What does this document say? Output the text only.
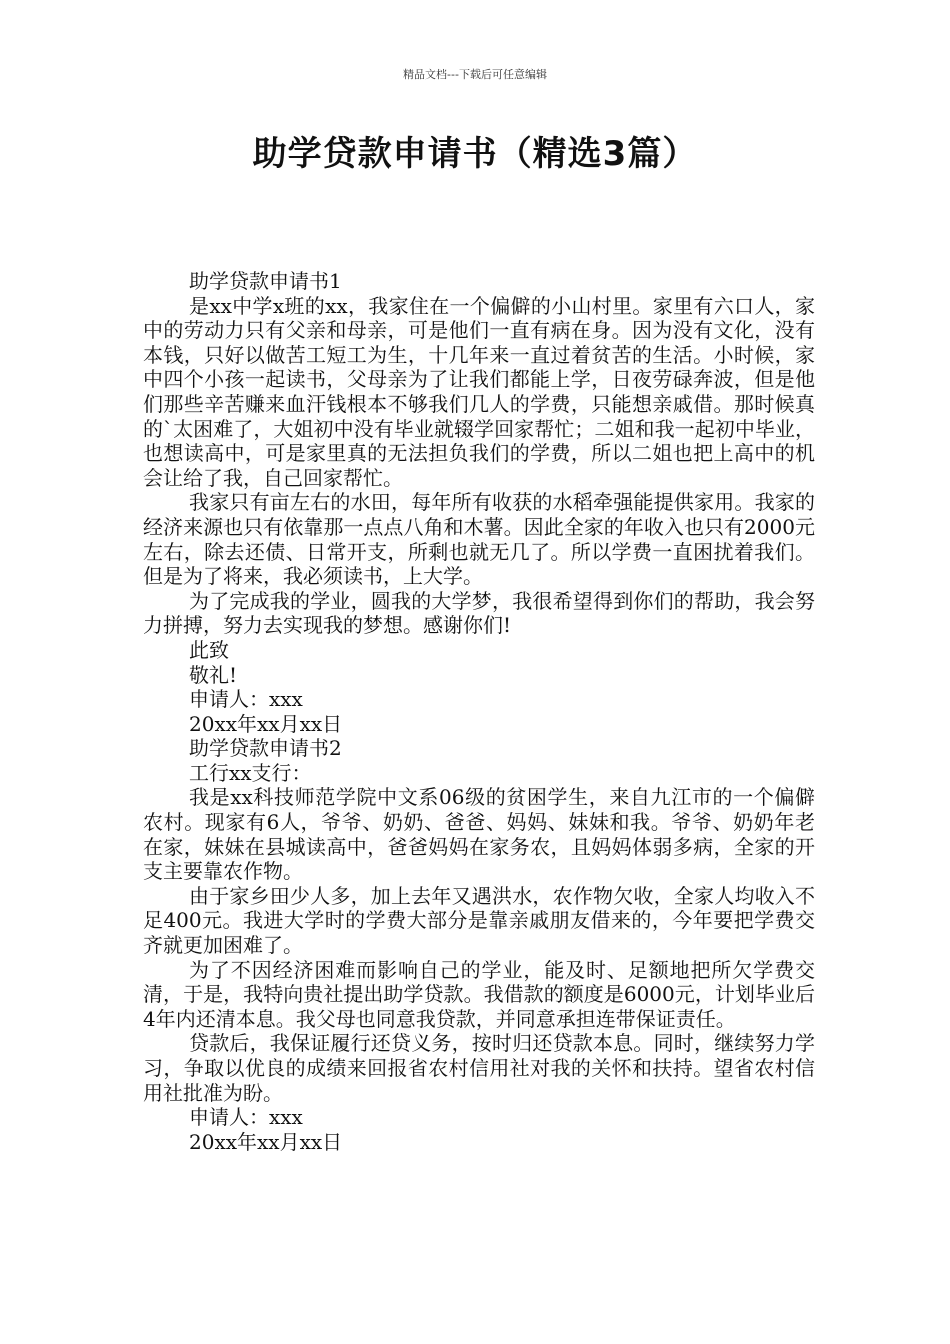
精品文档---下载后可任意编辑
助学贷款申请书（精选3篇）

助学贷款申请书1

是xx中学x班的xx，我家住在一个偏僻的小山村里。家里有六口人，家中的劳动力只有父亲和母亲，可是他们一直有病在身。因为没有文化，没有本钱，只好以做苦工短工为生，十几年来一直过着贫苦的生活。小时候，家中四个小孩一起读书，父母亲为了让我们都能上学，日夜劳碌奔波，但是他们那些辛苦赚来血汗钱根本不够我们几人的学费，只能想亲戚借。那时候真的`太困难了，大姐初中没有毕业就辍学回家帮忙；二姐和我一起初中毕业，也想读高中，可是家里真的无法担负我们的学费，所以二姐也把上高中的机会让给了我，自己回家帮忙。

我家只有亩左右的水田，每年所有收获的水稻牵强能提供家用。我家的经济来源也只有依靠那一点点八角和木薯。因此全家的年收入也只有2000元左右，除去还债、日常开支，所剩也就无几了。所以学费一直困扰着我们。但是为了将来，我必须读书，上大学。

为了完成我的学业，圆我的大学梦，我很希望得到你们的帮助，我会努力拼搏，努力去实现我的梦想。感谢你们!

此致

敬礼!

申请人：xxx

20xx年xx月xx日

助学贷款申请书2

工行xx支行：

我是xx科技师范学院中文系06级的贫困学生，来自九江市的一个偏僻农村。现家有6人，爷爷、奶奶、爸爸、妈妈、妹妹和我。爷爷、奶奶年老在家，妹妹在县城读高中，爸爸妈妈在家务农，且妈妈体弱多病，全家的开支主要靠农作物。

由于家乡田少人多，加上去年又遇洪水，农作物欠收，全家人均收入不足400元。我进大学时的学费大部分是靠亲戚朋友借来的，今年要把学费交齐就更加困难了。

为了不因经济困难而影响自己的学业，能及时、足额地把所欠学费交清，于是，我特向贵社提出助学贷款。我借款的额度是6000元，计划毕业后4年内还清本息。我父母也同意我贷款，并同意承担连带保证责任。

贷款后，我保证履行还贷义务，按时归还贷款本息。同时，继续努力学习，争取以优良的成绩来回报省农村信用社对我的关怀和扶持。望省农村信用社批准为盼。

申请人：xxx

20xx年xx月xx日
